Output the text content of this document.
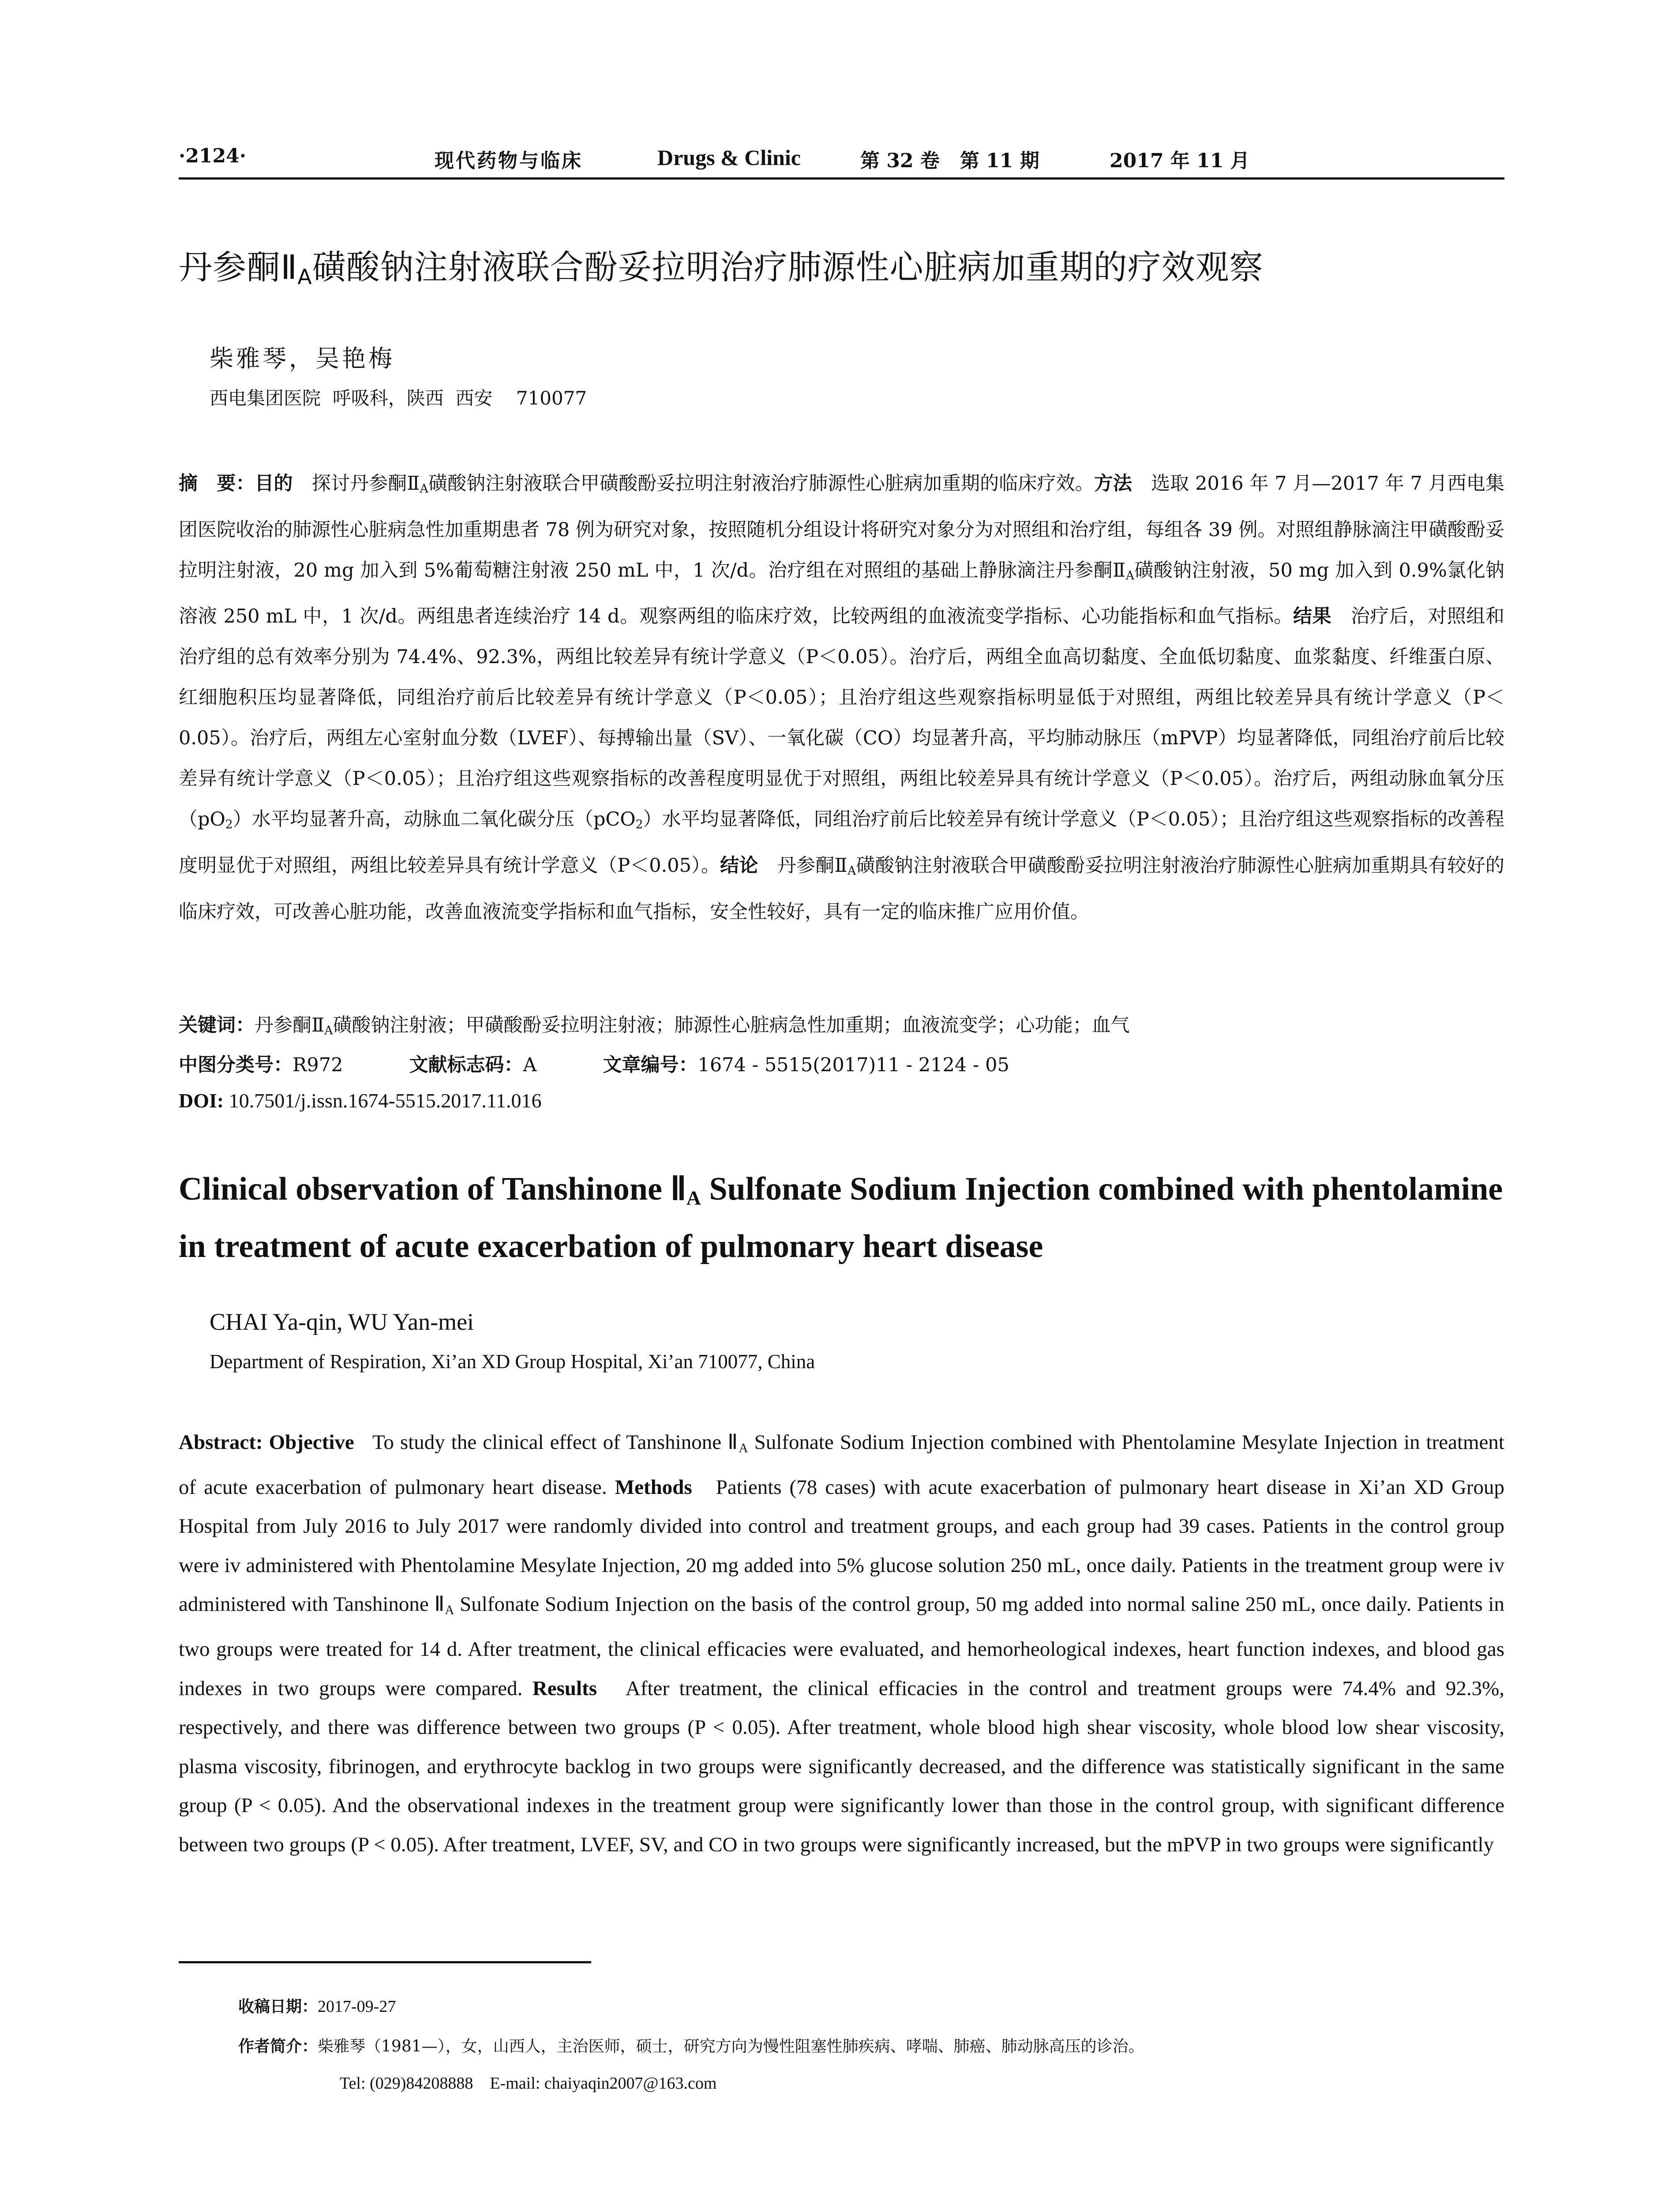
·2124·	现代药物与临床	Drugs & Clinic	第 32 卷   第 11 期	2017 年 11 月
丹参酮$Ⅱ_A$磺酸钠注射液联合酚妥拉明治疗肺源性心脏病加重期的疗效观察
柴雅琴，吴艳梅
西电集团医院  呼吸科，陕西  西安    710077
摘　要：目的　探讨丹参酮$Ⅱ_A$磺酸钠注射液联合甲磺酸酚妥拉明注射液治疗肺源性心脏病加重期的临床疗效。方法　选取 2016 年 7 月—2017 年 7 月西电集团医院收治的肺源性心脏病急性加重期患者 78 例为研究对象，按照随机分组设计将研究对象分为对照组和治疗组，每组各 39 例。对照组静脉滴注甲磺酸酚妥拉明注射液，20 mg 加入到 5%葡萄糖注射液 250 mL 中，1 次/d。治疗组在对照组的基础上静脉滴注丹参酮$Ⅱ_A$磺酸钠注射液，50 mg 加入到 0.9%氯化钠溶液 250 mL 中，1 次/d。两组患者连续治疗 14 d。观察两组的临床疗效，比较两组的血液流变学指标、心功能指标和血气指标。结果　治疗后，对照组和治疗组的总有效率分别为 74.4%、92.3%，两组比较差异有统计学意义（P＜0.05）。治疗后，两组全血高切黏度、全血低切黏度、血浆黏度、纤维蛋白原、红细胞积压均显著降低，同组治疗前后比较差异有统计学意义（P＜0.05）；且治疗组这些观察指标明显低于对照组，两组比较差异具有统计学意义（P＜0.05）。治疗后，两组左心室射血分数（LVEF）、每搏输出量（SV）、一氧化碳（CO）均显著升高，平均肺动脉压（mPVP）均显著降低，同组治疗前后比较差异有统计学意义（P＜0.05）；且治疗组这些观察指标的改善程度明显优于对照组，两组比较差异具有统计学意义（P＜0.05）。治疗后，两组动脉血氧分压$(pO_2)$水平均显著升高，动脉血二氧化碳分压（pCO$_2$）水平均显著降低，同组治疗前后比较差异有统计学意义（P＜0.05）；且治疗组这些观察指标的改善程度明显优于对照组，两组比较差异具有统计学意义（P＜0.05）。结论　丹参酮$Ⅱ_A$磺酸钠注射液联合甲磺酸酚妥拉明注射液治疗肺源性心脏病加重期具有较好的临床疗效，可改善心脏功能，改善血液流变学指标和血气指标，安全性较好，具有一定的临床推广应用价值。
关键词：丹参酮$Ⅱ_A$磺酸钠注射液；甲磺酸酚妥拉明注射液；肺源性心脏病急性加重期；血液流变学；心功能；血气
中图分类号：R972	文献标志码：A	文章编号：1674 - 5515(2017)11 - 2124 - 05
DOI: 10.7501/j.issn.1674-5515.2017.11.016
Clinical observation of Tanshinone $Ⅱ_A$ Sulfonate Sodium Injection combined with phentolamine in treatment of acute exacerbation of pulmonary heart disease
CHAI Ya-qin, WU Yan-mei
Department of Respiration, Xi’an XD Group Hospital, Xi’an 710077, China
Abstract: Objective   To study the clinical effect of Tanshinone $Ⅱ_A$ Sulfonate Sodium Injection combined with Phentolamine Mesylate Injection in treatment of acute exacerbation of pulmonary heart disease. Methods   Patients (78 cases) with acute exacerbation of pulmonary heart disease in Xi’an XD Group Hospital from July 2016 to July 2017 were randomly divided into control and treatment groups, and each group had 39 cases. Patients in the control group were iv administered with Phentolamine Mesylate Injection, 20 mg added into 5% glucose solution 250 mL, once daily. Patients in the treatment group were iv administered with Tanshinone $Ⅱ_A$ Sulfonate Sodium Injection on the basis of the control group, 50 mg added into normal saline 250 mL, once daily. Patients in two groups were treated for 14 d. After treatment, the clinical efficacies were evaluated, and hemorheological indexes, heart function indexes, and blood gas indexes in two groups were compared. Results   After treatment, the clinical efficacies in the control and treatment groups were 74.4% and 92.3%, respectively, and there was difference between two groups (P < 0.05). After treatment, whole blood high shear viscosity, whole blood low shear viscosity, plasma viscosity, fibrinogen, and erythrocyte backlog in two groups were significantly decreased, and the difference was statistically significant in the same group (P < 0.05). And the observational indexes in the treatment group were significantly lower than those in the control group, with significant difference between two groups (P < 0.05). After treatment, LVEF, SV, and CO in two groups were significantly increased, but the mPVP in two groups were significantly
收稿日期：2017-09-27
作者简介：柴雅琴（1981—），女，山西人，主治医师，硕士，研究方向为慢性阻塞性肺疾病、哮喘、肺癌、肺动脉高压的诊治。
Tel: (029)84208888    E-mail: chaiyaqin2007@163.com
